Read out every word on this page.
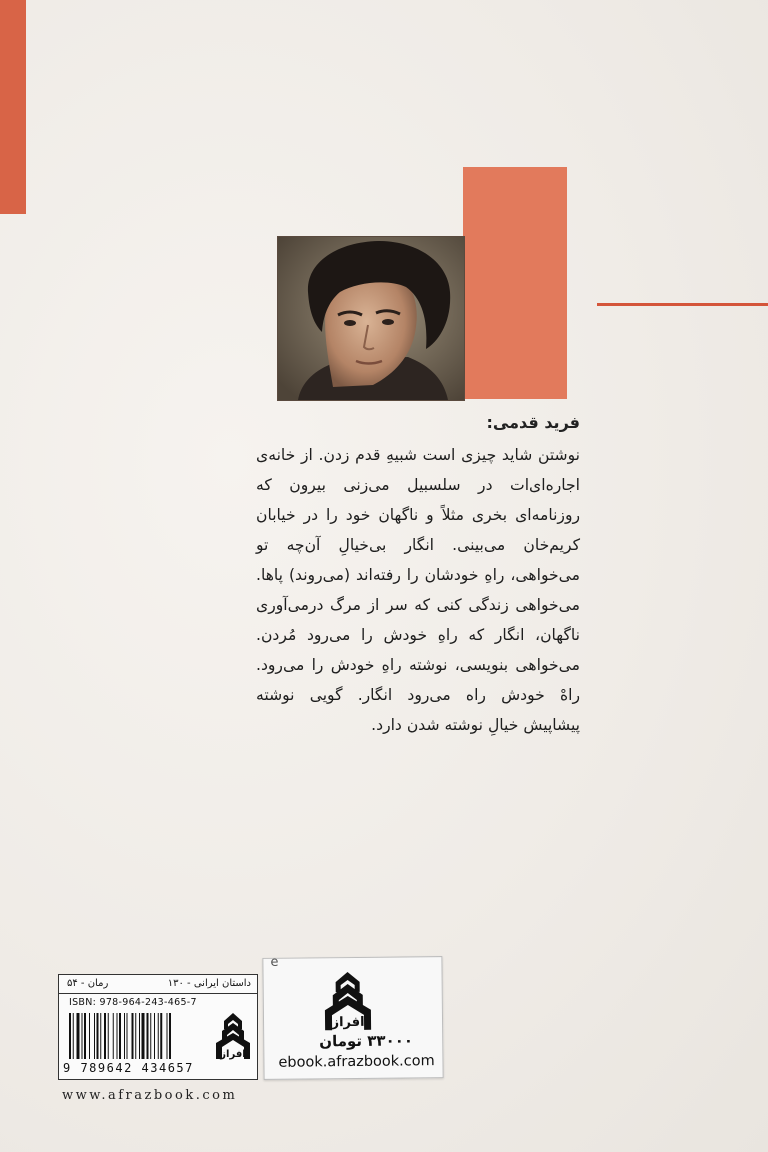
فرید قدمی:
نوشتن شاید چیزی است شبیهِ قدم زدن. از خانه‌ی اجاره‌ای‌ات در سلسبیل می‌زنی بیرون که روزنامه‌ای بخری مثلاً و ناگهان خود را در خیابان کریم‌خان می‌بینی. انگار بی‌خیالِ آن‌چه تو می‌خواهی، راهِ خودشان را رفته‌اند (می‌روند) پاها. می‌خواهی زندگی کنی که سر از مرگ درمی‌آوری ناگهان، انگار که راهِ خودش را می‌رود مُردن. می‌خواهی بنویسی، نوشته راهِ خودش را می‌رود. راهْ خودش راه می‌رود انگار. گویی نوشته پیشاپیش خیالِ نوشته شدن دارد.
داستان ایرانی - ۱۳۰
رمان - ۵۴
ISBN: 978-964-243-465-7
9 789642 434657
افراز
e
افراز
۳۳۰۰۰ تومان
ebook.afrazbook.com
www.afrazbook.com
